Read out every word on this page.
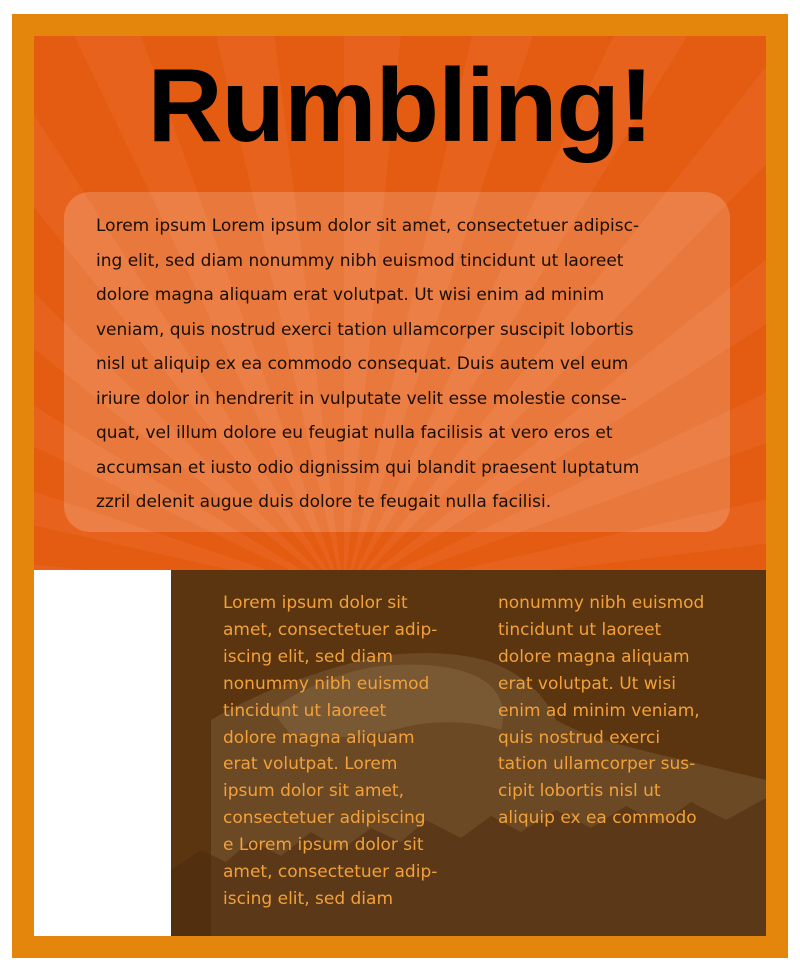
Rumbling!

Lorem ipsum Lorem ipsum dolor sit amet, consectetuer adipisc-
ing elit, sed diam nonummy nibh euismod tincidunt ut laoreet
dolore magna aliquam erat volutpat. Ut wisi enim ad minim
veniam, quis nostrud exerci tation ullamcorper suscipit lobortis
nisl ut aliquip ex ea commodo consequat. Duis autem vel eum
iriure dolor in hendrerit in vulputate velit esse molestie conse-
quat, vel illum dolore eu feugiat nulla facilisis at vero eros et
accumsan et iusto odio dignissim qui blandit praesent luptatum
zzril delenit augue duis dolore te feugait nulla facilisi.

Lorem ipsum dolor sit
amet, consectetuer adip-
iscing elit, sed diam
nonummy nibh euismod
tincidunt ut laoreet
dolore magna aliquam
erat volutpat. Lorem
ipsum dolor sit amet,
consectetuer adipiscing
e Lorem ipsum dolor sit
amet, consectetuer adip-
iscing elit, sed diam

nonummy nibh euismod
tincidunt ut laoreet
dolore magna aliquam
erat volutpat. Ut wisi
enim ad minim veniam,
quis nostrud exerci
tation ullamcorper sus-
cipit lobortis nisl ut
aliquip ex ea commodo
